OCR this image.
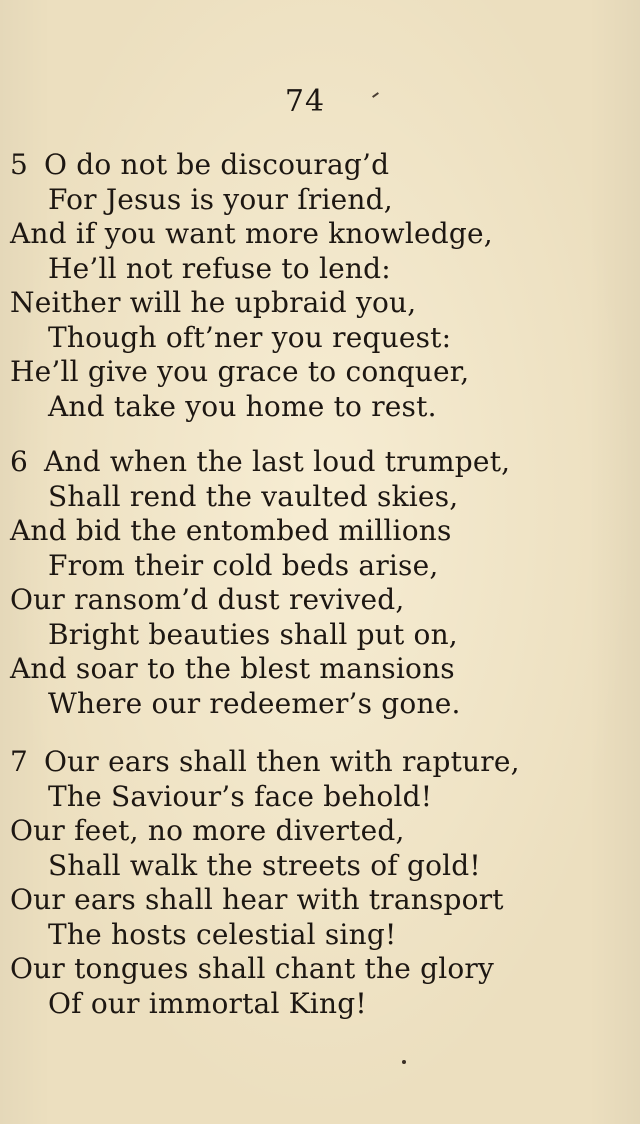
74
5 O do not be discourag’d
For Jesus is your ſriend,
And if you want more knowledge,
He’ll not refuse to lend:
Neither will he upbraid you,
Though oft’ner you request:
He’ll give you grace to conquer,
And take you home to rest.
6 And when the last loud trumpet,
Shall rend the vaulted skies,
And bid the entombed millions
From their cold beds arise,
Our ransom’d dust revived,
Bright beauties shall put on,
And soar to the blest mansions
Where our redeemer’s gone.
7 Our ears shall then with rapture,
The Saviour’s face behold!
Our feet, no more diverted,
Shall walk the streets of gold!
Our ears shall hear with transport
The hosts celestial sing!
Our tongues shall chant the glory
Of our immortal King!
